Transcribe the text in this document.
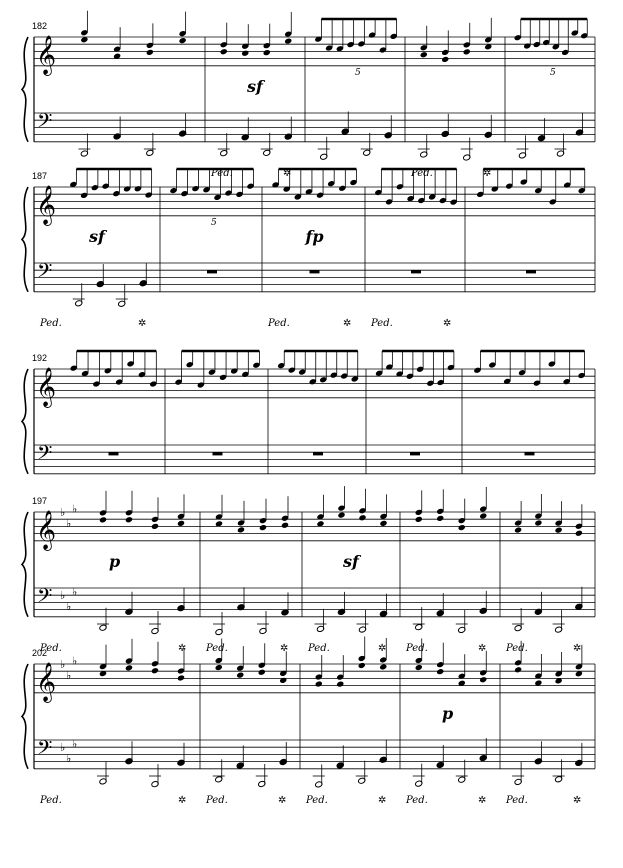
182
𝄞
𝄢
5	5
sf
Ped.	✲	Ped.	✲
187
𝄞
𝄢
5
sf	fp
Ped.	✲	Ped.	✲ Ped.	✲
192
𝄞
𝄢
197
𝄞
𝄢
♭
♭
♭
♭
♭
♭
p	sf
Ped.	✲ Ped.	✲ Ped.	✲ Ped.	✲ Ped.	✲
202
𝄞
𝄢
♭
♭
♭
♭
♭
♭
p
Ped.	✲ Ped.	✲ Ped.	✲ Ped.	✲ Ped.	✲
